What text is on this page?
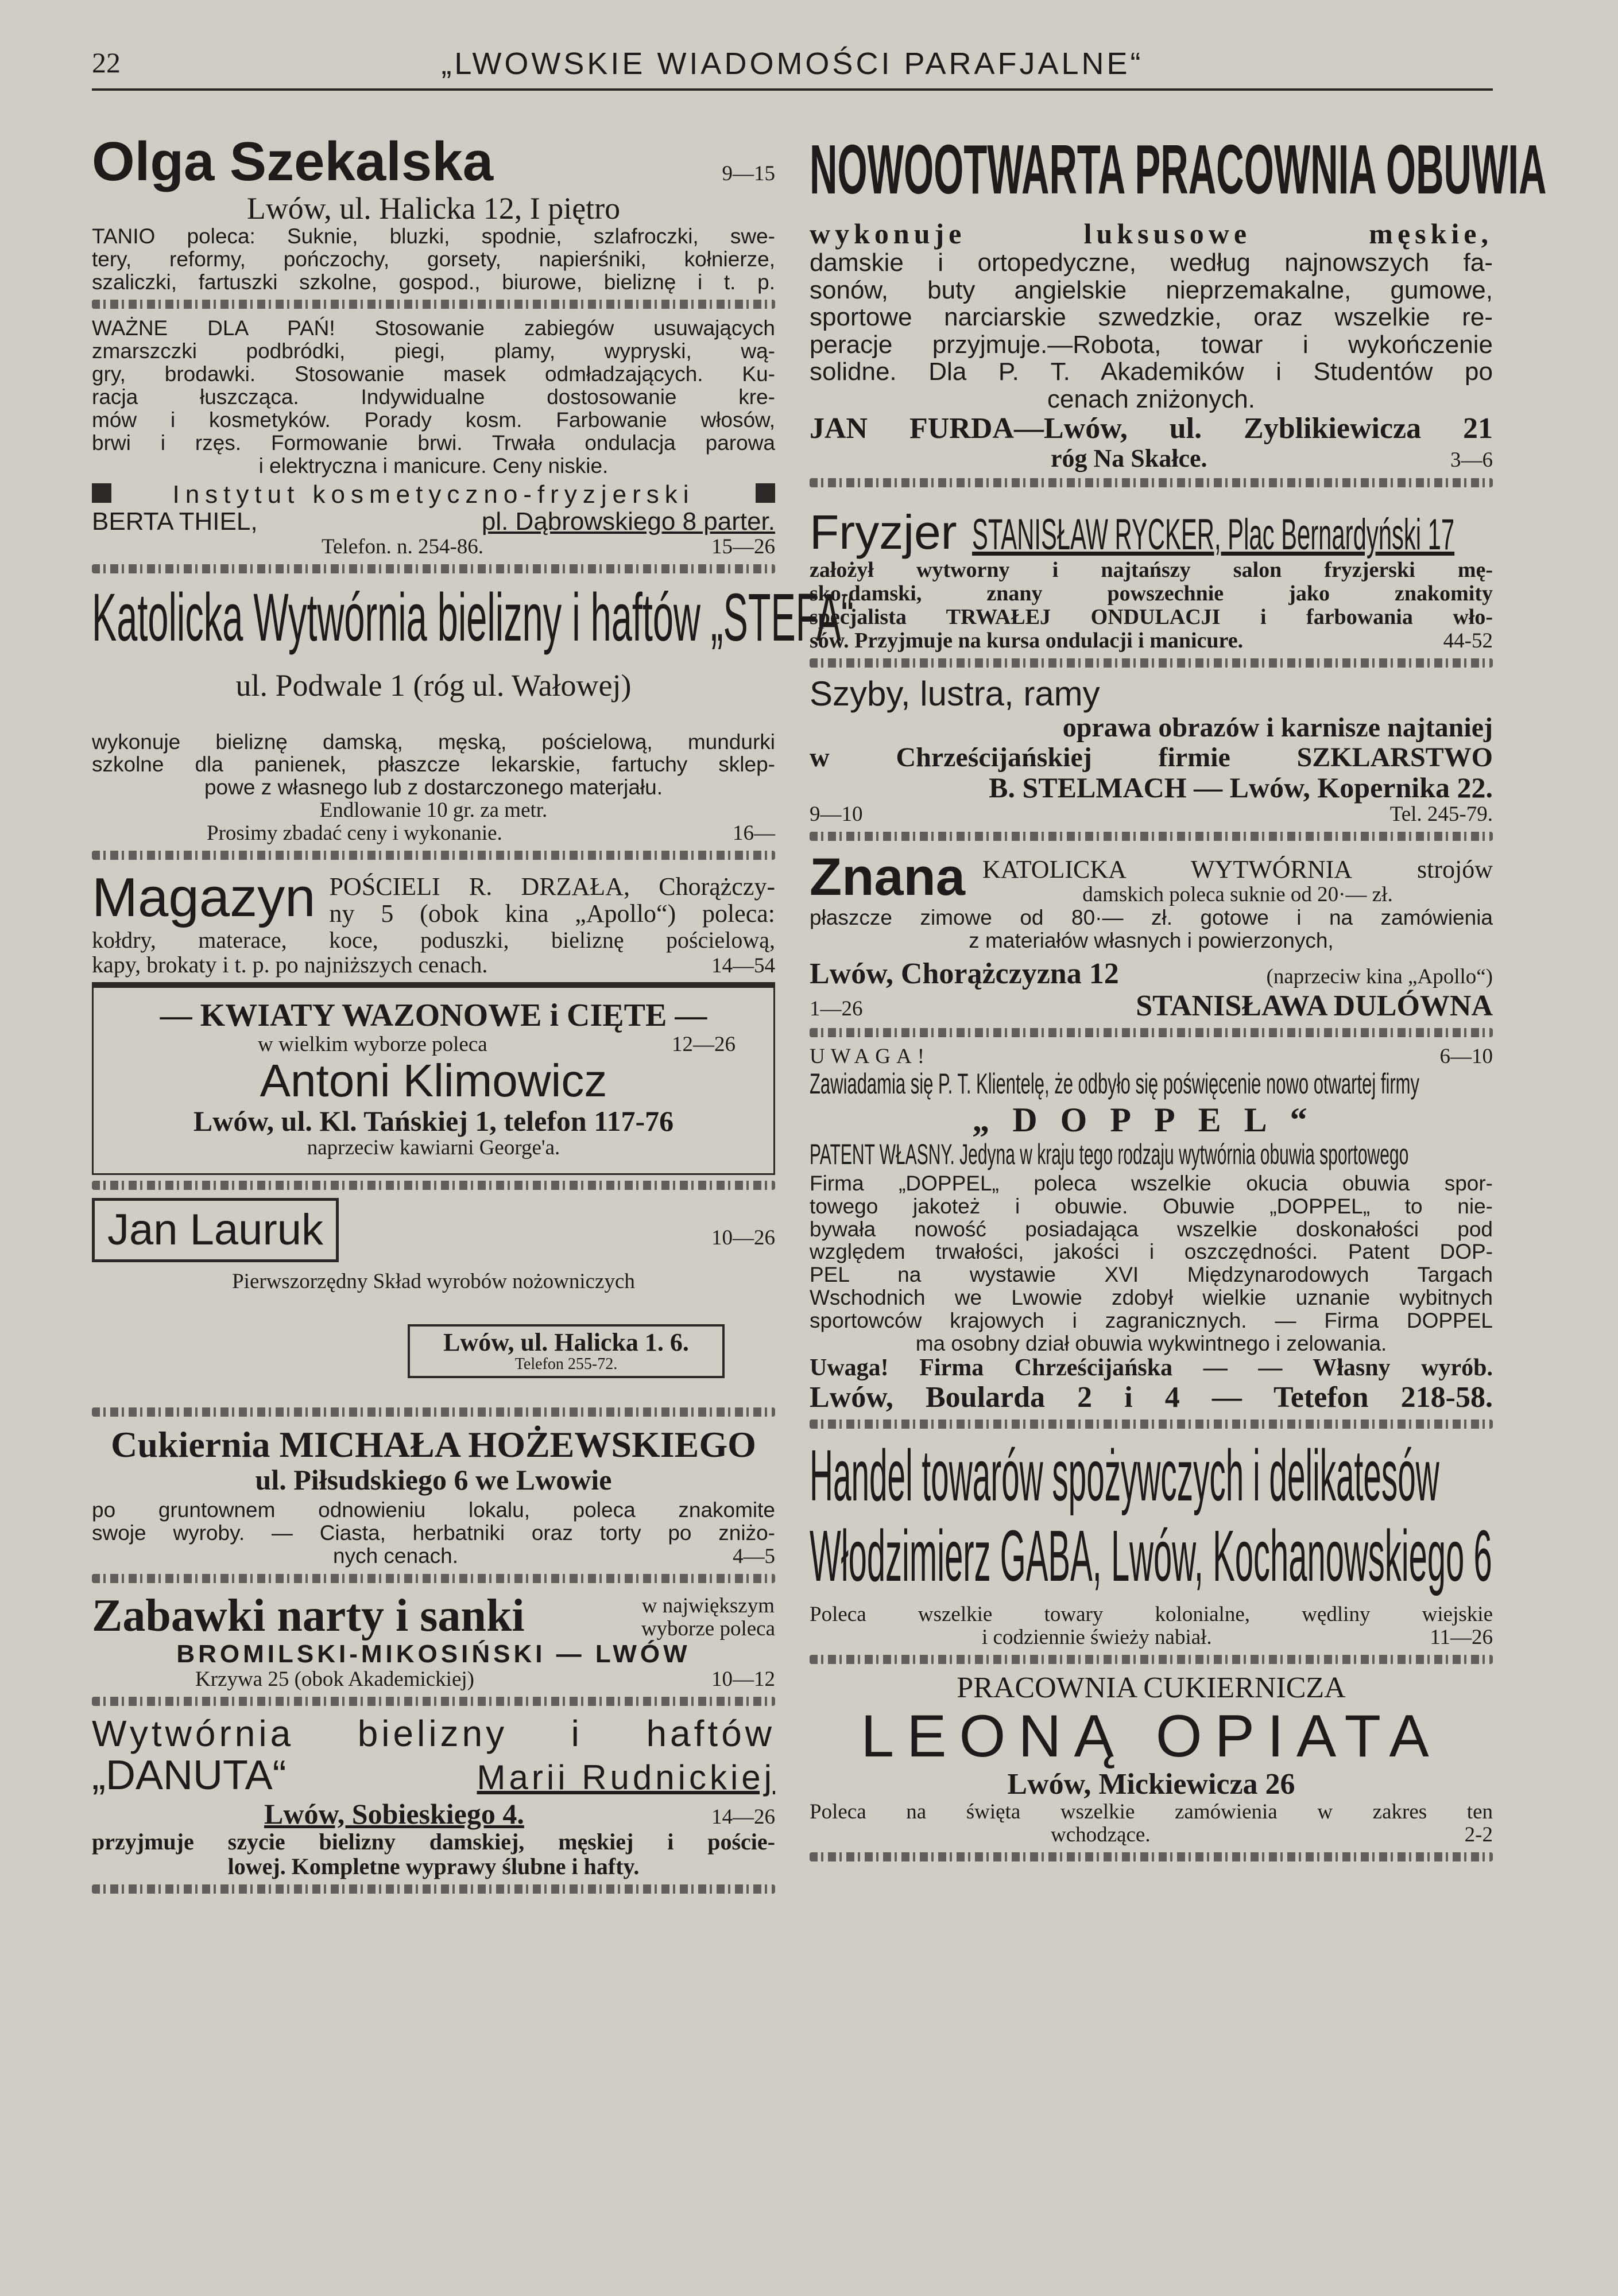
22	„LWOWSKIE WIADOMOŚCI PARAFJALNE“
Olga Szekalska	9—15
Lwów, ul. Halicka 12, I piętro
TANIO poleca: Suknie, bluzki, spodnie, szlafroczki, swe-
tery, reformy, pończochy, gorsety, napierśniki, kołnierze,
szaliczki, fartuszki szkolne, gospod., biurowe, bieliznę i t. p.
WAŻNE DLA PAŃ! Stosowanie zabiegów usuwających
zmarszczki podbródki, piegi, plamy, wypryski, wą-
gry, brodawki. Stosowanie masek odmładzających. Ku-
racja łuszcząca. Indywidualne dostosowanie kre-
mów i kosmetyków. Porady kosm. Farbowanie włosów,
brwi i rzęs. Formowanie brwi. Trwała ondulacja parowa
i elektryczna i manicure. Ceny niskie.
Instytut kosmetyczno-fryzjerski
BERTA THIEL,	pl. Dąbrowskiego 8 parter.
Telefon. n. 254-86.	15—26
Katolicka Wytwórnia bielizny i haftów „STEFA“
ul. Podwale 1 (róg ul. Wałowej)
wykonuje bieliznę damską, męską, pościelową, mundurki
szkolne dla panienek, płaszcze lekarskie, fartuchy sklep-
powe z własnego lub z dostarczonego materjału.
Endlowanie 10 gr. za metr.
Prosimy zbadać ceny i wykonanie.	16—
Magazyn POŚCIELI R. DRZAŁA, Chorążczy-
ny 5 (obok kina „Apollo“) poleca:
kołdry, materace, koce, poduszki, bieliznę pościelową,
kapy, brokaty i t. p. po najniższych cenach.	14—54
— KWIATY WAZONOWE i CIĘTE —
w wielkim wyborze poleca	12—26
Antoni Klimowicz
Lwów, ul. Kl. Tańskiej 1, telefon 117-76
naprzeciw kawiarni George'a.
Jan Lauruk	10—26
Pierwszorzędny Skład wyrobów nożowniczych
Lwów, ul. Halicka 1. 6.
Telefon 255-72.
Cukiernia MICHAŁA HOŻEWSKIEGO
ul. Piłsudskiego 6 we Lwowie
po gruntownem odnowieniu lokalu, poleca znakomite
swoje wyroby. — Ciasta, herbatniki oraz torty po zniżo-
nych cenach.	4—5
Zabawki narty i sanki	w największym
wyborze poleca
BROMILSKI-MIKOSIŃSKI — LWÓW
Krzywa 25 (obok Akademickiej)	10—12
Wytwórnia bielizny i haftów
„DANUTA“	Marii Rudnickiej
Lwów, Sobieskiego 4.	14—26
przyjmuje szycie bielizny damskiej, męskiej i poście-
lowej. Kompletne wyprawy ślubne i hafty.
NOWOOTWARTA PRACOWNIA OBUWIA
wykonuje luksusowe męskie,
damskie i ortopedyczne, według najnowszych fa-
sonów, buty angielskie nieprzemakalne, gumowe,
sportowe narciarskie szwedzkie, oraz wszelkie re-
peracje przyjmuje.—Robota, towar i wykończenie
solidne. Dla P. T. Akademików i Studentów po
cenach zniżonych.
JAN FURDA—Lwów, ul. Zyblikiewicza 21
róg Na Skałce.	3—6
Fryzjer STANISŁAW RYCKER, Plac Bernardyński 17
założył wytworny i najtańszy salon fryzjerski mę-
sko-damski, znany powszechnie jako znakomity
specjalista TRWAŁEJ ONDULACJI i farbowania wło-
sów. Przyjmuje na kursa ondulacji i manicure.	44-52
Szyby, lustra, ramy
oprawa obrazów i karnisze najtaniej
w Chrześcijańskiej firmie SZKLARSTWO
B. STELMACH — Lwów, Kopernika 22.
9—10	Tel. 245-79.
Znana KATOLICKA WYTWÓRNIA strojów
damskich poleca suknie od 20·— zł.
płaszcze zimowe od 80·— zł. gotowe i na zamówienia
z materiałów własnych i powierzonych,
Lwów, Chorążczyzna 12	(naprzeciw kina „Apollo“)
1—26	STANISŁAWA DULÓWNA
UWAGA!	6—10
Zawiadamia się P. T. Klientelę, że odbyło się poświęcenie nowo otwartej firmy
„DOPPEL“
PATENT WŁASNY. Jedyna w kraju tego rodzaju wytwórnia obuwia sportowego
Firma „DOPPEL„ poleca wszelkie okucia obuwia spor-
towego jakoteż i obuwie. Obuwie „DOPPEL„ to nie-
bywała nowość posiadająca wszelkie doskonałości pod
względem trwałości, jakości i oszczędności. Patent DOP-
PEL na wystawie XVI Międzynarodowych Targach
Wschodnich we Lwowie zdobył wielkie uznanie wybitnych
sportowców krajowych i zagranicznych. — Firma DOPPEL
ma osobny dział obuwia wykwintnego i zelowania.
Uwaga! Firma Chrześcijańska — — Własny wyrób.
Lwów, Boularda 2 i 4 — Tetefon 218-58.
Handel towarów spożywczych i delikatesów
Włodzimierz GABA, Lwów, Kochanowskiego 6
Poleca wszelkie towary kolonialne, wędliny wiejskie
i codziennie świeży nabiał.	11—26
PRACOWNIA CUKIERNICZA
LEONĄ OPIATA
Lwów, Mickiewicza 26
Poleca na święta wszelkie zamówienia w zakres ten
wchodzące.	2-2
